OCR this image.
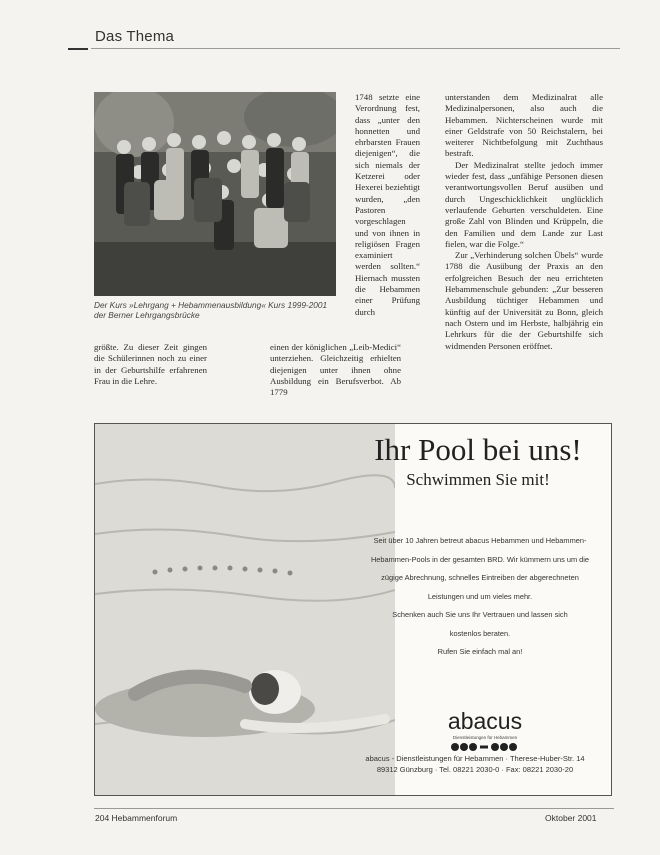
Das Thema
Der Kurs »Lehrgang + Hebammenausbildung« Kurs 1999-2001 der Berner Lehrgangsbrücke

größte. Zu dieser Zeit gingen die Schülerinnen noch zu einer in der Geburtshilfe erfahrenen Frau in die Lehre.

1748 setzte eine Verordnung fest, dass „unter den honnetten und ehrbarsten Frauen diejenigen“, die sich niemals der Ketzerei oder Hexerei beziehtigt wurden, „den Pastoren vorgeschlagen und von ihnen in religiösen Fragen examiniert werden sollten.“ Hiernach mussten die Hebammen einer Prüfung durch

einen der königlichen „Leib-Medici“ unterziehen. Gleichzeitig erhielten diejenigen unter ihnen ohne Ausbildung ein Berufsverbot. Ab 1779

unterstanden dem Medizinalrat alle Medizinalpersonen, also auch die Hebammen. Nichterscheinen wurde mit einer Geldstrafe von 50 Reichstalern, bei weiterer Nichtbefolgung mit Zuchthaus bestraft.

Der Medizinalrat stellte jedoch immer wieder fest, dass „unfähige Personen diesen verantwortungsvollen Beruf ausüben und durch Ungeschicklichkeit unglücklich verlaufende Geburten verschuldeten. Eine große Zahl von Blinden und Krüppeln, die den Familien und dem Lande zur Last fielen, war die Folge.“

Zur „Verhinderung solchen Übels“ wurde 1788 die Ausübung der Praxis an den erfolgreichen Besuch der neu errichteten Hebammenschule gebunden: „Zur besseren Ausbildung tüchtiger Hebammen und künftig auf der Universität zu Bonn, gleich nach Ostern und im Herbste, halbjährig ein Lehrkurs für die der Geburtshilfe sich widmenden Personen eröffnet.

Ihr Pool bei uns!
Schwimmen Sie mit!
Seit über 10 Jahren betreut abacus Hebammen und Hebammen-
Hebammen-Pools in der gesamten BRD. Wir kümmern uns um die
zügige Abrechnung, schnelles Eintreiben der abgerechneten
Leistungen und um vieles mehr.
Schenken auch Sie uns Ihr Vertrauen und lassen sich
kostenlos beraten.
Rufen Sie einfach mal an!
abacus
Dienstleistungen für Hebammen
abacus - Dienstleistungen für Hebammen · Therese-Huber-Str. 14
89312 Günzburg · Tel. 08221 2030-0 · Fax: 08221 2030-20
204 Hebammenforum	Oktober 2001
